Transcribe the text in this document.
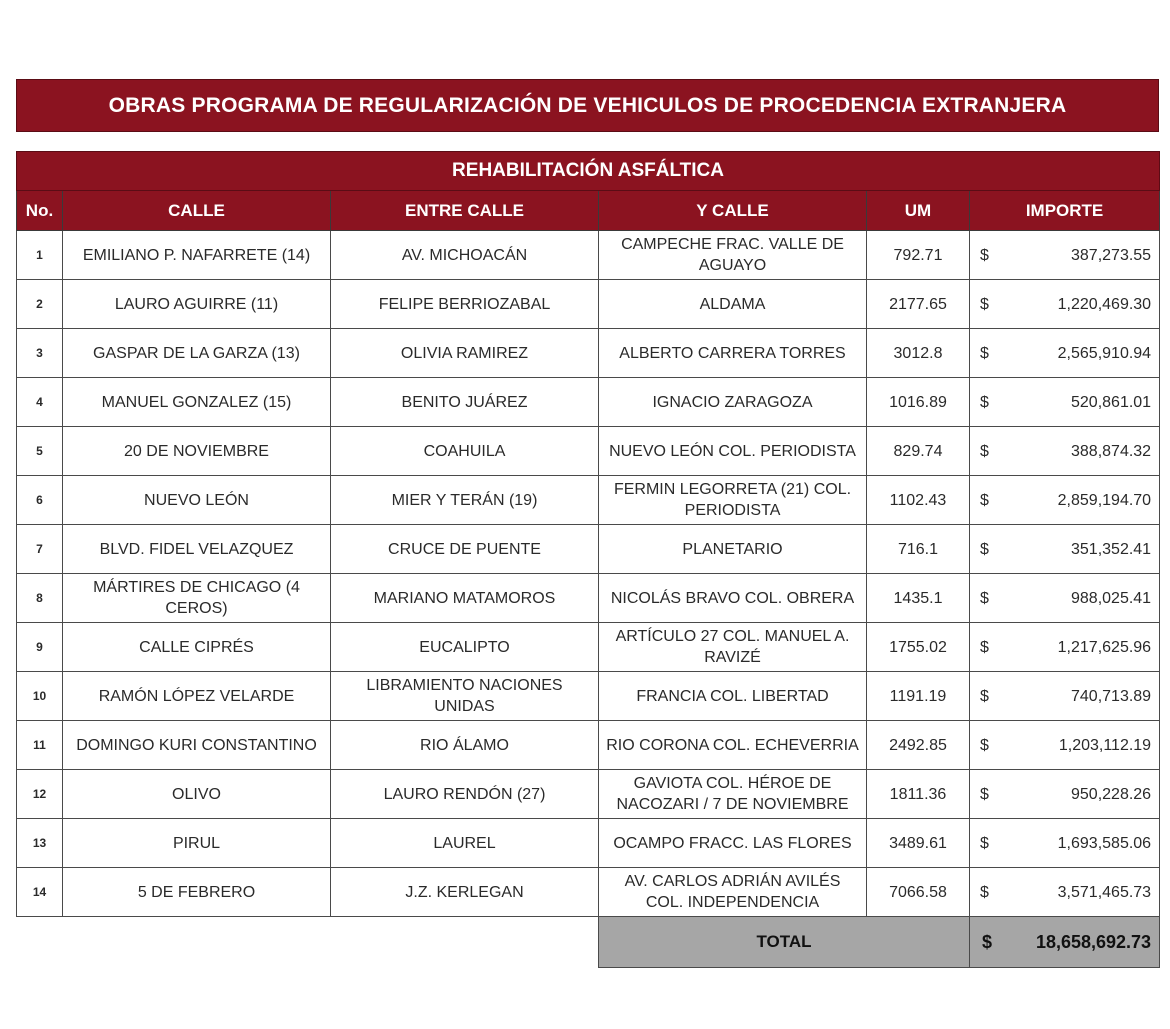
OBRAS PROGRAMA DE REGULARIZACIÓN DE VEHICULOS DE PROCEDENCIA EXTRANJERA
REHABILITACIÓN ASFÁLTICA						
No.	CALLE	ENTRE CALLE	Y CALLE	UM	IMPORTE	
1	EMILIANO P. NAFARRETE (14)	AV. MICHOACÁN	CAMPECHE FRAC. VALLE DE AGUAYO	792.71	$	387,273.55
2	LAURO AGUIRRE (11)	FELIPE BERRIOZABAL	ALDAMA	2177.65	$	1,220,469.30
3	GASPAR DE LA GARZA (13)	OLIVIA RAMIREZ	ALBERTO CARRERA TORRES	3012.8	$	2,565,910.94
4	MANUEL GONZALEZ (15)	BENITO JUÁREZ	IGNACIO ZARAGOZA	1016.89	$	520,861.01
5	20 DE NOVIEMBRE	COAHUILA	NUEVO LEÓN COL. PERIODISTA	829.74	$	388,874.32
6	NUEVO LEÓN	MIER Y TERÁN (19)	FERMIN LEGORRETA (21) COL. PERIODISTA	1102.43	$	2,859,194.70
7	BLVD. FIDEL VELAZQUEZ	CRUCE DE PUENTE	PLANETARIO	716.1	$	351,352.41
8	MÁRTIRES DE CHICAGO (4 CEROS)	MARIANO MATAMOROS	NICOLÁS BRAVO COL. OBRERA	1435.1	$	988,025.41
9	CALLE CIPRÉS	EUCALIPTO	ARTÍCULO 27 COL. MANUEL A. RAVIZÉ	1755.02	$	1,217,625.96
10	RAMÓN LÓPEZ VELARDE	LIBRAMIENTO NACIONES UNIDAS	FRANCIA COL. LIBERTAD	1191.19	$	740,713.89
11	DOMINGO KURI CONSTANTINO	RIO ÁLAMO	RIO CORONA COL. ECHEVERRIA	2492.85	$	1,203,112.19
12	OLIVO	LAURO RENDÓN (27)	GAVIOTA COL. HÉROE DE NACOZARI / 7 DE NOVIEMBRE	1811.36	$	950,228.26
13	PIRUL	LAUREL	OCAMPO FRACC. LAS FLORES	3489.61	$	1,693,585.06
14	5 DE FEBRERO	J.Z. KERLEGAN	AV. CARLOS ADRIÁN AVILÉS COL. INDEPENDENCIA	7066.58	$	3,571,465.73
			TOTAL		$	18,658,692.73
